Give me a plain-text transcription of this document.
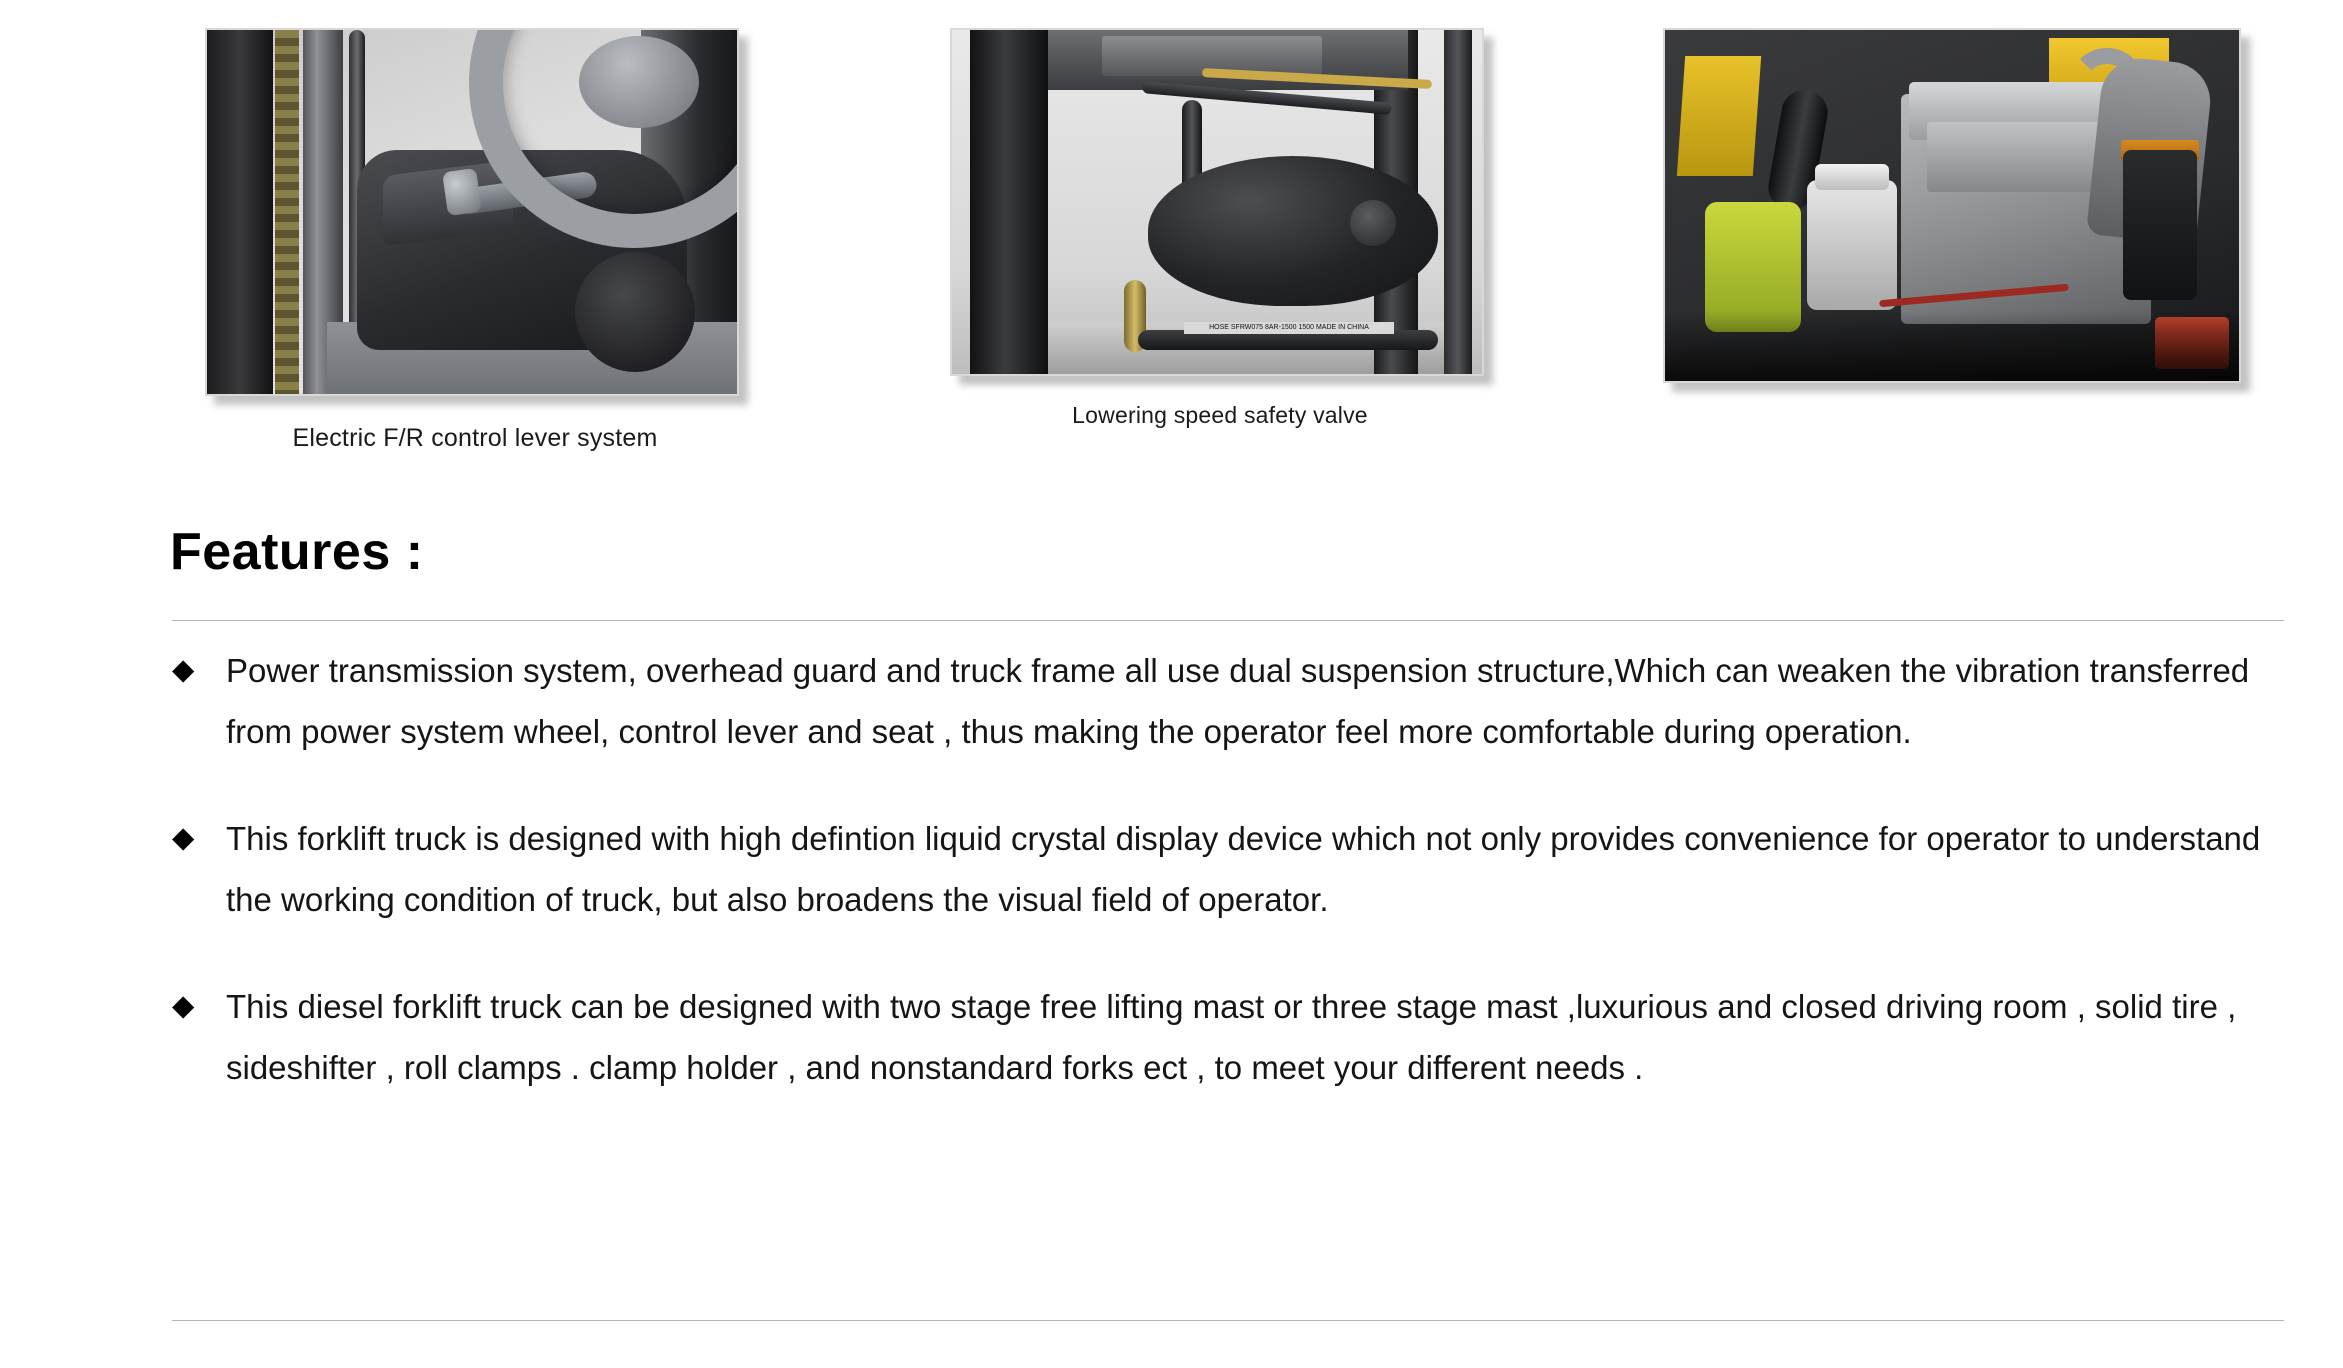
Electric F/R control lever system
HOSE SFRW075 8AR-1500 1500 MADE IN CHINA
Lowering speed safety valve
Features :
◆ Power transmission system, overhead guard and truck frame all use dual suspension structure,Which can weaken the vibration transferred from power system wheel, control lever and seat , thus making the operator feel more comfortable during operation.
◆ This forklift truck is designed with high defintion liquid crystal display device which not only provides convenience for operator to understand the working condition of truck, but also broadens the visual field of operator.
◆ This diesel forklift truck can be designed with two stage free lifting mast or three stage mast ,luxurious and closed driving room , solid tire , sideshifter , roll clamps . clamp holder , and nonstandard forks ect , to meet your different needs .
